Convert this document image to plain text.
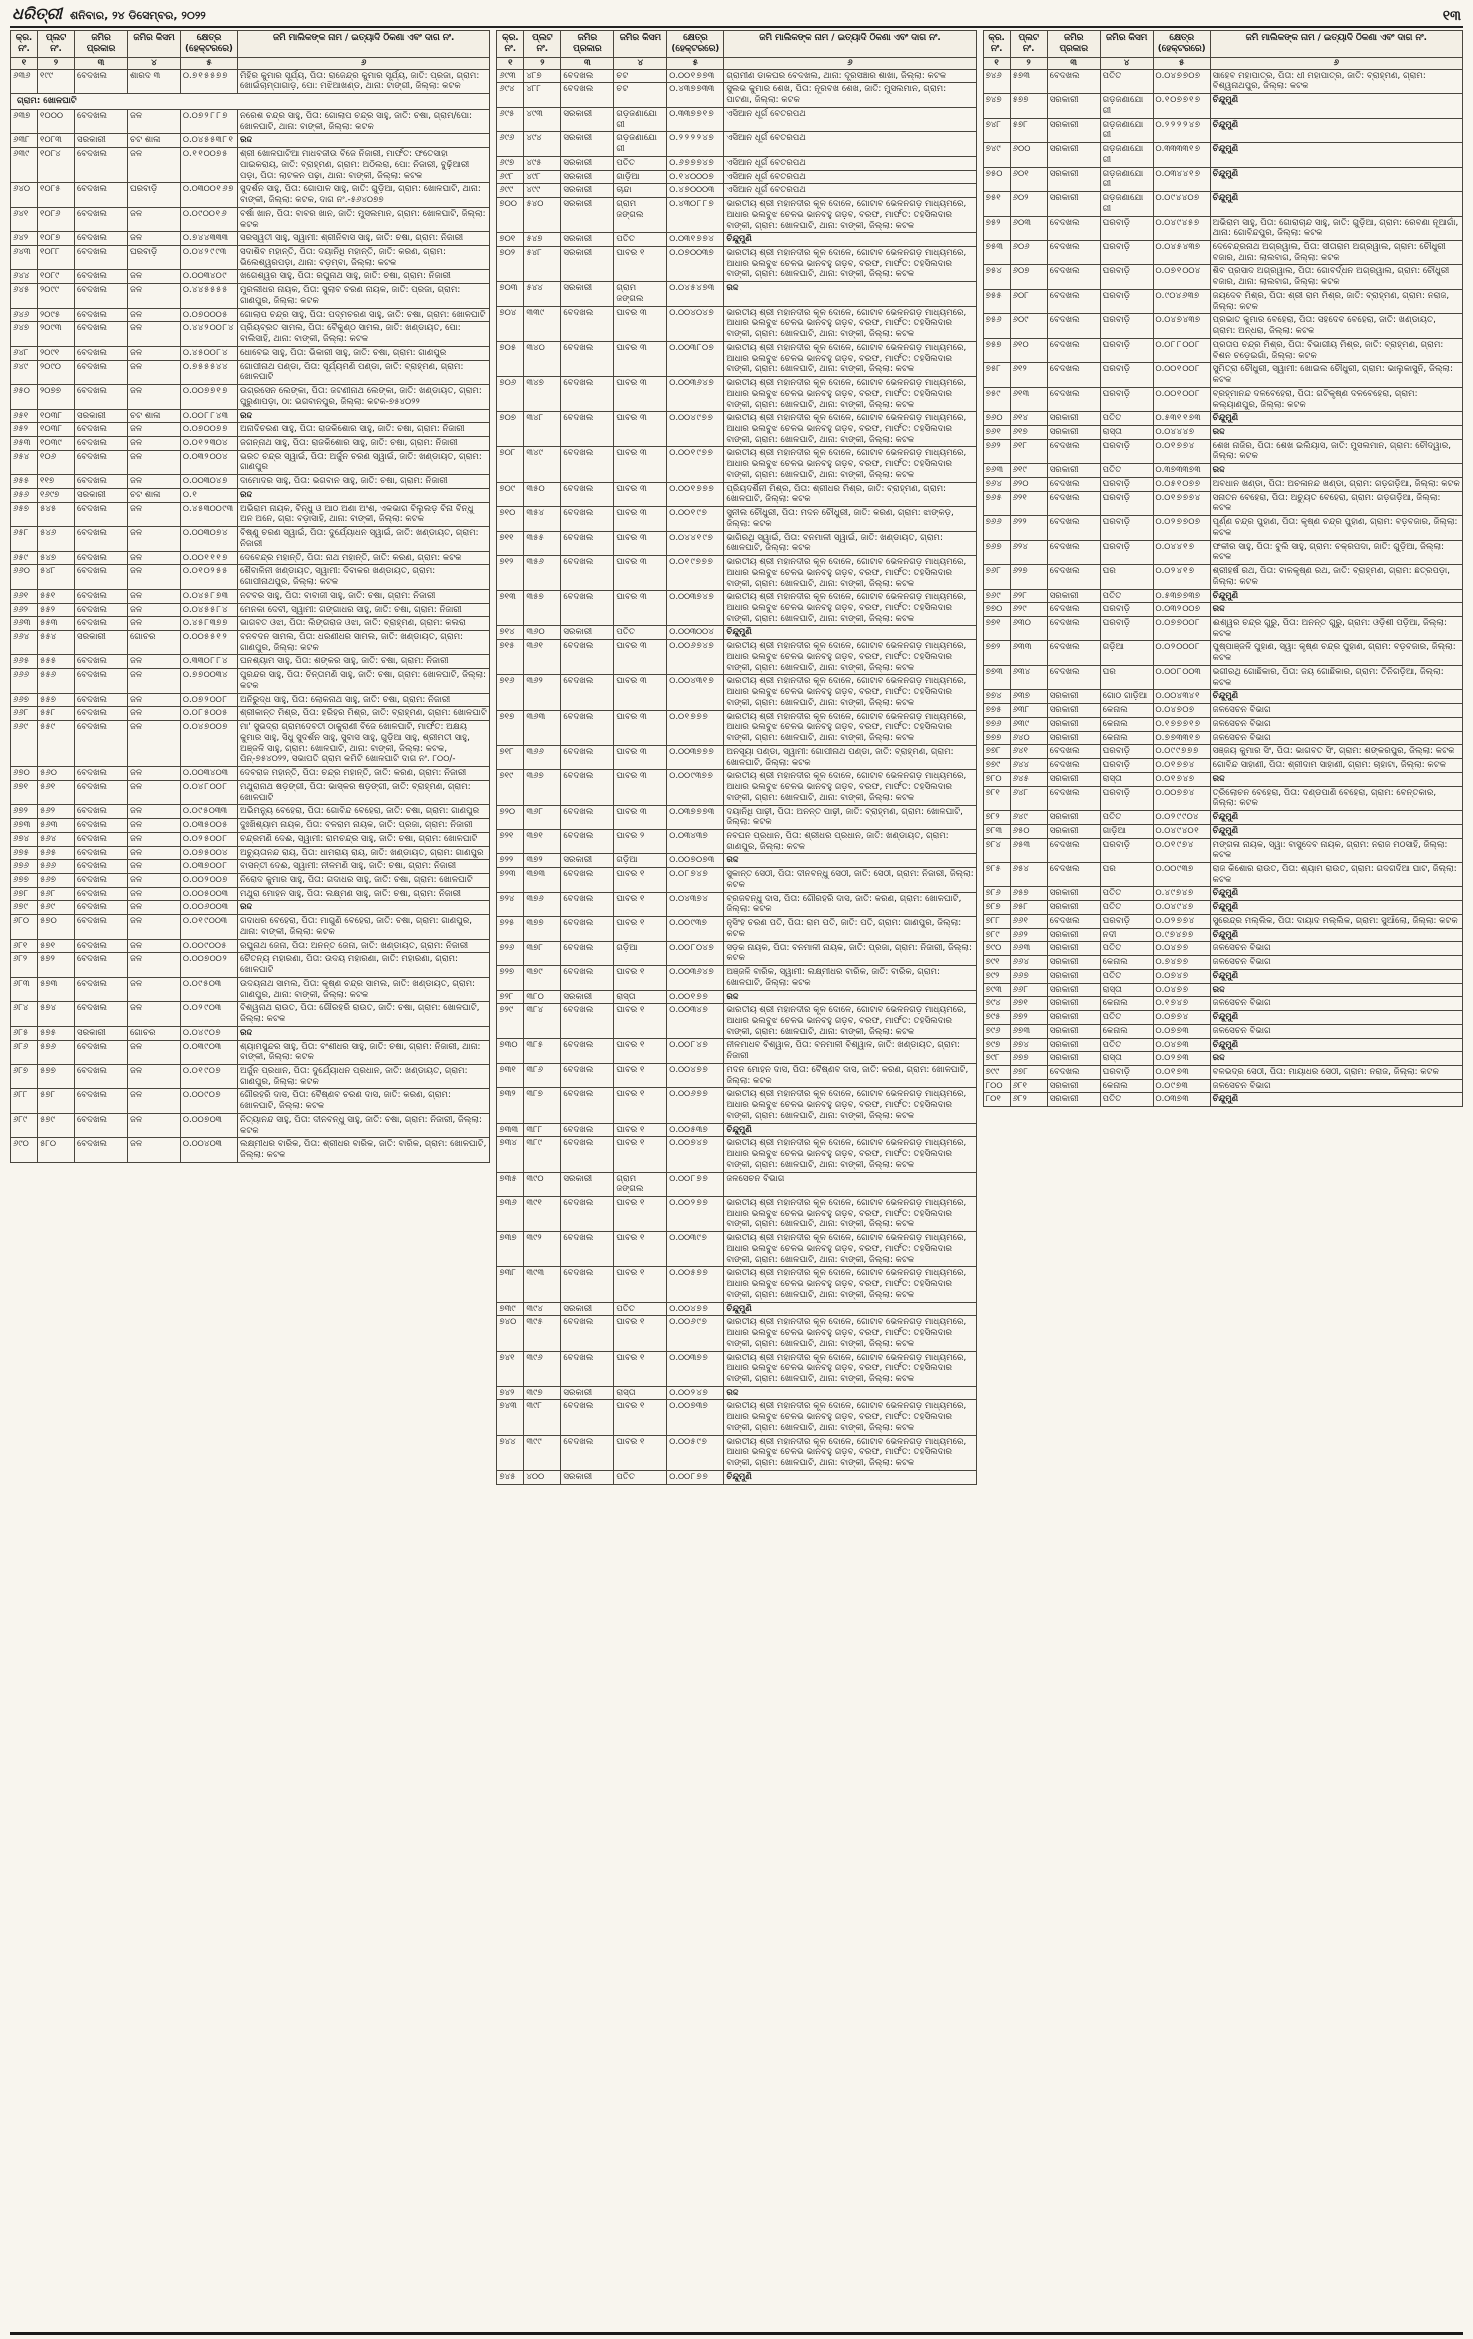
ଧରିତ୍ରୀ ଶନିବାର, ୨୪ ଡିସେମ୍ବର, ୨୦୨୨	୧୩
କ୍ର. ନଂ.	ପ୍ଲଟ ନଂ.	ଜମିର ପ୍ରକାର	ଜମିର କିସମ	କ୍ଷେତ୍ର (ହେକ୍ଟରରେ)	ଜମି ମାଲିକଙ୍କ ନାମ / ଇତ୍ୟାଦି ଠିକଣା ଏବଂ ଦାଗ ନଂ.
୧	୨	୩	୪	୫	୬
୬୩୬	୧୯୯	ବେଦଖଲ	ଶାରଦ ୩	୦.୭୧୫୫୭୭	ମିହିର କୁମାର ସୂର୍ଯ୍ୟ, ପିତା: ରାଜେନ୍ଦ୍ର କୁମାର ସୂର୍ଯ୍ୟ, ଜାତି: ପ୍ରଜା, ଗ୍ରାମ: ଖୋଇଁଚାମ୍ପାଗାଡ଼, ପୋ: ମଝିଆଖଣ୍ଡ, ଥାନା: ଟାଙ୍ଗୀ, ଜିଲ୍ଲା: କଟକ
ଗ୍ରାମ: ଖୋଳଘାଟି					
୬୩୭	୧୦୦୦	ବେଦଖଲ	ଜଳ	୦.୦୭୨୮୮୭	ନରେଶ ଚନ୍ଦ୍ର ସାହୁ, ପିତା: ଗୋଲାପ ଚନ୍ଦ୍ର ସାହୁ, ଜାତି: ଚଷା, ଗ୍ରାମ/ପୋ: ଖୋଳଘାଟି, ଥାନା: ବାଙ୍କୀ, ଜିଲ୍ଲା: କଟକ
୬୩୮	୧୦୮୩	ସରକାରୀ	ଚଟ ଶାଳା	୦.୦୪୫୫୩୮୧	ରଦ୍ଦ
୬୩୯	୧୦୮୪	ବେଦଖଲ	ଜଳ	୦.୧୧୦୦୭୫	ଶ୍ରୀ ଖୋଳଘାଟିଆ ମାଧବଜୀଉ ବିଜେ ନିଜାରୀ, ମାର୍ଫତ: ଫତେସାହା ପାଇକରାୟ, ଜାତି: ବ୍ରାହ୍ମଣ, ଗ୍ରାମ: ଅଠିଲରା, ପୋ: ନିଜାରୀ, ବୁଢ଼ିଆରୀ ପଡ଼ା, ପିତା: ଲାଟକନ ପଢ଼ା, ଥାନା: ବାଙ୍କୀ, ଜିଲ୍ଲା: କଟକ
୬୪୦	୧୦୮୫	ବେଦଖଲ	ଘରବାଡ଼ି	୦.୦୩୦୦୧୬୭	ସୁଦର୍ଶନ ସାହୁ, ପିତା: ଗୋପାଳ ସାହୁ, ଜାତି: ଗୁଡ଼ିଆ, ଗ୍ରାମ: ଖୋଳଘାଟି, ଥାନା: ବାଙ୍କୀ, ଜିଲ୍ଲା: କଟକ, ଦାଗ ନଂ.-୫୬୪୦୭୭
୬୪୧	୧୦୮୬	ବେଦଖଲ	ଜଳ	୦.୦୯୦୦୧୬	ବର୍ଷା ଖାନ, ପିତା: ବାବର ଖାନ, ଜାତି: ମୁସଲମାନ, ଗ୍ରାମ: ଖୋଳଘାଟି, ଜିଲ୍ଲା: କଟକ
୬୪୨	୧୦୮୭	ବେଦଖଲ	ଜଳ	୦.୭୪୪୩୩୩	ସରସ୍ୱତୀ ସାହୁ, ସ୍ୱାମୀ: ଶ୍ରୀନିବାସ ସାହୁ, ଜାତି: ଚଷା, ଗ୍ରାମ: ନିଜାରୀ
୬୪୩	୧୦୮୮	ବେଦଖଲ	ଘରବାଡ଼ି	୦.୦୪୨୯୯୩	ସଦାଶିବ ମହାନ୍ତି, ପିତା: ଦୟାନିଧି ମହାନ୍ତି, ଜାତି: କରଣ, ଗ୍ରାମ: ଭିଲେଶ୍ୱରପଡ଼ା, ଥାନା: ବଡ଼ମ୍ବା, ଜିଲ୍ଲା: କଟକ
୬୪୪	୧୦୮୯	ବେଦଖଲ	ଜଳ	୦.୦୦୩୪୦୯	ଖଗେଶ୍ୱର ସାହୁ, ପିତା: ରଘୁନାଥ ସାହୁ, ଜାତି: ଚଷା, ଗ୍ରାମ: ନିଜାରୀ
୬୪୫	୨୦୯୯	ବେଦଖଲ	ଜଳ	୦.୪୪୫୫୫୫	ମୁରଲୀଧର ନାୟକ, ପିତା: ସୁଲାବ ଚରଣ ନାୟକ, ଜାତି: ପ୍ରଜା, ଗ୍ରାମ: ଗାଣପୁର, ଜିଲ୍ଲା: କଟକ
୬୪୬	୨୦୯୫	ବେଦଖଲ	ଜଳ	୦.୦୭୦୦୦୫	ଗୋଲାପ ଚନ୍ଦ୍ର ସାହୁ, ପିତା: ପଦ୍ମଚରଣ ସାହୁ, ଜାତି: ଚଷା, ଗ୍ରାମ: ଖୋଳଘାଟି
୬୪୭	୨୦୯୩	ବେଦଖଲ	ଜଳ	୦.୪୪୨୦୦୮୪	ପ୍ରିୟବ୍ରତ ସାମଲ, ପିତା: ବୈକୁଣ୍ଠ ସାମଲ, ଜାତି: ଖଣ୍ଡାୟତ, ପୋ: ବାଲିସାହି, ଥାନା: ବାଙ୍କୀ, ଜିଲ୍ଲା: କଟକ
୬୪୮	୨୦୯୧	ବେଦଖଲ	ଜଳ	୦.୪୫୦୦୮୪	ଧୋବେଇ ସାହୁ, ପିତା: ଭିକାରୀ ସାହୁ, ଜାତି: ଚଷା, ଗ୍ରାମ: ଗାଣପୁର
୬୪୯	୨୦୯୦	ବେଦଖଲ	ଜଳ	୦.୭୫୫୫୪୪	ଗୋପୀନାଥ ପଣ୍ଡା, ପିତା: ସୂର୍ଯ୍ୟମଣି ପଣ୍ଡା, ଜାତି: ବ୍ରାହ୍ମଣ, ଗ୍ରାମ: ଖୋଳଘାଟି
୬୫୦	୨୦୭୭	ବେଦଖଲ	ଜଳ	୦.୦୦୭୭୧୭	ଉଗ୍ରସେନ ଲେଙ୍କା, ପିତା: ଜଟଣୀନାଥ ଲେଙ୍କା, ଜାତି: ଖଣ୍ଡାୟତ, ଗ୍ରାମ: ପୁରୁଣାପଡ଼ା, ଠା: ଭଗବାନପୁର, ଜିଲ୍ଲା: କଟକ-୭୫୪୦୨୨
୬୫୧	୧୦୩୮	ସରକାରୀ	ଚଟ ଶାଳା	୦.୦୦୮୮୪୩	ରଦ୍ଦ
୬୫୨	୧୦୩୮	ବେଦଖଲ	ଜଳ	୦.୦୭୦୦୭୭	ଅନାଦିଚରଣ ସାହୁ, ପିତା: ରାଜକିଶୋର ସାହୁ, ଜାତି: ଚଷା, ଗ୍ରାମ: ନିଜାରୀ
୬୫୩	୧୦୩୯	ବେଦଖଲ	ଜଳ	୦.୦୧୨୩୦୪	ଜଗନ୍ନାଥ ସାହୁ, ପିତା: ରାଜକିଶୋର ସାହୁ, ଜାତି: ଚଷା, ଗ୍ରାମ: ନିଜାରୀ
୬୫୪	୧୦୬	ବେଦଖଲ	ଜଳ	୦.୦୩୨୦୦୪	ଭରତ ଚନ୍ଦ୍ର ସ୍ୱାଇଁ, ପିତା: ଅର୍ଜୁନ ଚରଣ ସ୍ୱାଇଁ, ଜାତି: ଖଣ୍ଡାୟତ, ଗ୍ରାମ: ଗାଣପୁର
୬୫୫	୧୧୭	ବେଦଖଲ	ଜଳ	୦.୦୦୩୦୪୭	ଦାମୋଦର ସାହୁ, ପିତା: ଭଗବାନ ସାହୁ, ଜାତି: ଚଷା, ଗ୍ରାମ: ନିଜାରୀ
୬୫୬	୧୬୯୭	ସରକାରୀ	ଚଟ ଶାଳା	୦.୧	ରଦ୍ଦ
୬୫୭	୫୪୫	ବେଦଖଲ	ଜଳ	୦.୪୫୩୦୦୯୩	ଅଭିରାମ ନାୟକ, ବିନ୍ଧୁ ଓ ଆଠ ଅଣା ଅଂଶ, ଏକଭାଗ ବିଲୁଲଡ଼ ବିନା ବିନ୍ଧୁ ଅନ ଅନେ, ଗ୍ରା: ବଡ଼ାସାହି, ଥାନା: ବାଙ୍କୀ, ଜିଲ୍ଲା: କଟକ
୬୫୮	୫୪୬	ବେଦଖଲ	ଜଳ	୦.୦୦୩୦୭୪	ବିଷ୍ଣୁ ଚରଣ ସ୍ୱାଇଁ, ପିତା: ଦୁର୍ଯ୍ୟୋଧନ ସ୍ୱାଇଁ, ଜାତି: ଖଣ୍ଡାୟତ, ଗ୍ରାମ: ନିଜାରୀ
୬୫୯	୫୪୭	ବେଦଖଲ	ଜଳ	୦.୦୦୧୧୧୭	ଦେବେନ୍ଦ୍ର ମହାନ୍ତି, ପିତା: ନାଥ ମହାନ୍ତି, ଜାତି: କରଣ, ଗ୍ରାମ: କଟକ
୬୬୦	୫୪୮	ବେଦଖଲ	ଜଳ	୦.୦୧୦୨୫୫	ଶୈବାଳିନୀ ଖଣ୍ଡାୟତ, ସ୍ୱାମୀ: ଦିବାକର ଖଣ୍ଡାୟତ, ଗ୍ରାମ: ଗୋପୀନାଥପୁର, ଜିଲ୍ଲା: କଟକ
୬୬୧	୫୫୧	ବେଦଖଲ	ଜଳ	୦.୦୪୫୮୭୩	ନଟବର ସାହୁ, ପିତା: ବାବାଜୀ ସାହୁ, ଜାତି: ଚଷା, ଗ୍ରାମ: ନିଜାରୀ
୬୬୨	୫୫୨	ବେଦଖଲ	ଜଳ	୦.୦୪୫୫୮୪	ମେନକା ଦେବୀ, ସ୍ୱାମୀ: ଗଙ୍ଗାଧର ସାହୁ, ଜାତି: ଚଷା, ଗ୍ରାମ: ନିଜାରୀ
୬୬୩	୫୫୩	ବେଦଖଲ	ଜଳ	୦.୪୫୮୩୭୭	ଭାଗବତ ଓଝା, ପିତା: ଲିଙ୍ଗରାଜ ଓଝା, ଜାତି: ବ୍ରାହ୍ମଣ, ଗ୍ରାମ: କଲରା
୬୬୪	୫୫୪	ସରକାରୀ	ଗୋଚର	୦.୦୦୫୫୧୨	ବନବଦନ ସାମଲ, ପିତା: ଧରଣୀଧର ସାମଲ, ଜାତି: ଖଣ୍ଡାୟତ, ଗ୍ରାମ: ଗାଣପୁର, ଜିଲ୍ଲା: କଟକ
୬୬୫	୫୫୫	ବେଦଖଲ	ଜଳ	୦.୩୩୦୮୮୪	ଘନଶ୍ୟାମ ସାହୁ, ପିତା: ଶଙ୍କର ସାହୁ, ଜାତି: ଚଷା, ଗ୍ରାମ: ନିଜାରୀ
୬୬୬	୫୫୬	ବେଦଖଲ	ଜଳ	୦.୭୭୦୦୩୪	ପୁରନ୍ଦର ସାହୁ, ପିତା: ଚିନ୍ତାମଣି ସାହୁ, ଜାତି: ଚଷା, ଗ୍ରାମ: ଖୋଳଘାଟି, ଜିଲ୍ଲା: କଟକ
୬୬୭	୫୫୭	ବେଦଖଲ	ଜଳ	୦.୦୭୨୦୦୮	ଅନିରୁଦ୍ଧ ସାହୁ, ପିତା: ଲୋକନାଥ ସାହୁ, ଜାତି: ଚଷା, ଗ୍ରାମ: ନିଜାରୀ
୬୬୮	୫୫୮	ବେଦଖଲ	ଜଳ	୦.୦୮୫୦୦୫	ଶ୍ରୀକାନ୍ତ ମିଶ୍ର, ପିତା: ହରିହର ମିଶ୍ର, ଜାତି: ବ୍ରାହ୍ମଣ, ଗ୍ରାମ: ଖୋଳଘାଟି
୬୬୯	୫୫୯	ବେଦଖଲ	ଜଳ	୦.୦୪୭୦୦୭	ମା' ସୁଭଦ୍ରା ଗ୍ରାମଦେବତୀ ଠାକୁରାଣୀ ବିଜେ ଖୋଳଘାଟି, ମାର୍ଫତ: ଅକ୍ଷୟ କୁମାର ସାହୁ, ସିଧୁ ସୁଦର୍ଶନ ସାହୁ, ସୁବାସ ସାହୁ, ଗୁଡ଼ିଆ ସାହୁ, ଶ୍ରୀମତୀ ସାହୁ, ଅଞ୍ଜଳି ସାହୁ, ଗ୍ରାମ: ଖୋଳଘାଟି, ଥାନା: ବାଙ୍କୀ, ଜିଲ୍ଲା: କଟକ, ପିନ୍-୭୫୪୦୨୨, ସଭାପତି ଗ୍ରାମ କମିଟି ଖୋଳଘାଟି ଦାଗ ନଂ. ୮୦୦/-
୬୭୦	୫୬୦	ବେଦଖଲ	ଜଳ	୦.୦୦୩୪୦୩	ଦେବରାଜ ମହାନ୍ତି, ପିତା: ଚନ୍ଦ୍ର ମହାନ୍ତି, ଜାତି: କରଣ, ଗ୍ରାମ: ନିଜାରୀ
୬୭୧	୫୬୧	ବେଦଖଲ	ଜଳ	୦.୦୪୮୦୦୮	ମଥୁରାନାଥ ଷଡ଼ଙ୍ଗୀ, ପିତା: ଭାସ୍କର ଷଡ଼ଙ୍ଗୀ, ଜାତି: ବ୍ରାହ୍ମଣ, ଗ୍ରାମ: ଖୋଳଘାଟି
୬୭୨	୫୬୨	ବେଦଖଲ	ଜଳ	୦.୦୯୫୦୩୩	ଅଭିମନ୍ୟୁ ବେହେରା, ପିତା: ଗୋବିନ୍ଦ ବେହେରା, ଜାତି: ଚଷା, ଗ୍ରାମ: ଗାଣପୁର
୬୭୩	୫୬୩	ବେଦଖଲ	ଜଳ	୦.୦୩୫୦୦୫	ଦୁଃଖିଶ୍ୟାମ ନାୟକ, ପିତା: ବଳରାମ ନାୟକ, ଜାତି: ପ୍ରଜା, ଗ୍ରାମ: ନିଜାରୀ
୬୭୪	୫୬୪	ବେଦଖଲ	ଜଳ	୦.୦୨୫୦୦୮	ଚନ୍ଦ୍ରମଣି ଦେଈ, ସ୍ୱାମୀ: ରାମଚନ୍ଦ୍ର ସାହୁ, ଜାତି: ଚଷା, ଗ୍ରାମ: ଖୋଳଘାଟି
୬୭୫	୫୬୫	ବେଦଖଲ	ଜଳ	୦.୦୭୫୦୦୪	ଅଚ୍ୟୁତାନନ୍ଦ ରାୟ, ପିତା: ଧାମରାୟ ରାୟ, ଜାତି: ଖଣ୍ଡାୟତ, ଗ୍ରାମ: ଗାଣପୁର
୬୭୬	୫୬୬	ବେଦଖଲ	ଜଳ	୦.୦୩୭୦୦୮	ବାସନ୍ତୀ ଦେଈ, ସ୍ୱାମୀ: ନୀଳମଣି ସାହୁ, ଜାତି: ଚଷା, ଗ୍ରାମ: ନିଜାରୀ
୬୭୭	୫୬୭	ବେଦଖଲ	ଜଳ	୦.୦୦୨୦୦୭	ନିରୋଦ କୁମାର ସାହୁ, ପିତା: ଗଦାଧର ସାହୁ, ଜାତି: ଚଷା, ଗ୍ରାମ: ଖୋଳଘାଟି
୬୭୮	୫୬୮	ବେଦଖଲ	ଜଳ	୦.୦୦୫୦୦୩	ମଥୁରା ମୋହନ ସାହୁ, ପିତା: ଲକ୍ଷ୍ମଣ ସାହୁ, ଜାତି: ଚଷା, ଗ୍ରାମ: ନିଜାରୀ
୬୭୯	୫୬୯	ବେଦଖଲ	ଜଳ	୦.୦୦୬୦୦୩	ରଦ୍ଦ
୬୮୦	୫୭୦	ବେଦଖଲ	ଜଳ	୦.୦୧୯୦୦୩	ଗଦାଧର ବେହେରା, ପିତା: ମାଗୁଣି ବେହେରା, ଜାତି: ଚଷା, ଗ୍ରାମ: ଗାଣପୁର, ଥାନା: ବାଙ୍କୀ, ଜିଲ୍ଲା: କଟକ
୬୮୧	୫୭୧	ବେଦଖଲ	ଜଳ	୦.୦୦୯୦୦୫	ରଘୁନାଥ ଜେନା, ପିତା: ଅନନ୍ତ ଜେନା, ଜାତି: ଖଣ୍ଡାୟତ, ଗ୍ରାମ: ନିଜାରୀ
୬୮୨	୫୭୨	ବେଦଖଲ	ଜଳ	୦.୦୦୭୦୦୨	ଚୈତନ୍ୟ ମହାରଣା, ପିତା: ଉଦୟ ମହାରଣା, ଜାତି: ମହାରଣା, ଗ୍ରାମ: ଖୋଳଘାଟି
୬୮୩	୫୭୩	ବେଦଖଲ	ଜଳ	୦.୦୯୫୦୩	ଉଦୟନାଥ ସାମଲ, ପିତା: କୃଷ୍ଣ ଚନ୍ଦ୍ର ସାମଲ, ଜାତି: ଖଣ୍ଡାୟତ, ଗ୍ରାମ: ଗାଣପୁର, ଥାନା: ବାଙ୍କୀ, ଜିଲ୍ଲା: କଟକ
୬୮୪	୫୭୪	ବେଦଖଲ	ଜଳ	୦.୦୨୯୦୩	ବିଶ୍ୱନାଥ ରାଉତ, ପିତା: ଗୌରହରି ରାଉତ, ଜାତି: ଚଷା, ଗ୍ରାମ: ଖୋଳଘାଟି, ଜିଲ୍ଲା: କଟକ
୬୮୫	୫୭୫	ସରକାରୀ	ଗୋଚର	୦.୦୪୯୦୭	ରଦ୍ଦ
୬୮୬	୫୭୬	ବେଦଖଲ	ଜଳ	୦.୦୩୯୦୩	ଶ୍ୟାମସୁନ୍ଦର ସାହୁ, ପିତା: ବଂଶୀଧର ସାହୁ, ଜାତି: ଚଷା, ଗ୍ରାମ: ନିଜାରୀ, ଥାନା: ବାଙ୍କୀ, ଜିଲ୍ଲା: କଟକ
୬୮୭	୫୭୭	ବେଦଖଲ	ଜଳ	୦.୦୧୯୦୭	ଅର୍ଜୁନ ପ୍ରଧାନ, ପିତା: ଦୁର୍ଯ୍ୟୋଧନ ପ୍ରଧାନ, ଜାତି: ଖଣ୍ଡାୟତ, ଗ୍ରାମ: ଗାଣପୁର, ଜିଲ୍ଲା: କଟକ
୬୮୮	୫୭୮	ବେଦଖଲ	ଜଳ	୦.୦୦୯୦୭	ଗୌରହରି ଦାସ, ପିତା: ବୈଷ୍ଣବ ଚରଣ ଦାସ, ଜାତି: କରଣ, ଗ୍ରାମ: ଖୋଳଘାଟି, ଜିଲ୍ଲା: କଟକ
୬୮୯	୫୭୯	ବେଦଖଲ	ଜଳ	୦.୦୦୭୦୩	ନିତ୍ୟାନନ୍ଦ ସାହୁ, ପିତା: ଦୀନବନ୍ଧୁ ସାହୁ, ଜାତି: ଚଷା, ଗ୍ରାମ: ନିଜାରୀ, ଜିଲ୍ଲା: କଟକ
୬୯୦	୫୮୦	ବେଦଖଲ	ଜଳ	୦.୦୦୪୦୩	ଲକ୍ଷ୍ମୀଧର ବାରିକ, ପିତା: ଶ୍ରୀଧର ବାରିକ, ଜାତି: ବାରିକ, ଗ୍ରାମ: ଖୋଳଘାଟି, ଜିଲ୍ଲା: କଟକ
କ୍ର. ନଂ.	ପ୍ଲଟ ନଂ.	ଜମିର ପ୍ରକାର	ଜମିର କିସମ	କ୍ଷେତ୍ର (ହେକ୍ଟରରେ)	ଜମି ମାଲିକଙ୍କ ନାମ / ଇତ୍ୟାଦି ଠିକଣା ଏବଂ ଦାଗ ନଂ.
୧	୨	୩	୪	୫	୬
୬୯୩	୪୮୭	ବେଦଖଲ	ଚଟ	୦.୦୦୧୭୭୩	ଗ୍ରାମୀଣ ଡାକଘର ବେଦଖଲ, ଥାନା: ଦୂରସଞ୍ଚାର ଶାଖା, ଜିଲ୍ଲା: କଟକ
୬୯୪	୪୮୮	ବେଦଖଲ	ଚଟ	୦.୪୩୭୭୩୩	ସୁଲଭ କୁମାର ଶେଖ, ପିତା: ନୂରବଖ ଶେଖ, ଜାତି: ମୁସଲମାନ, ଗ୍ରାମ: ପାଟଣା, ଜିଲ୍ଲା: କଟକ
୬୯୫	୪୯୩	ସରକାରୀ	ଗଡ଼ଜଣାଯୋଗୀ	୦.୩୩୭୭୧୭	ଏସିଆନ ଧୂର୍ଗ ବେତରପଥ
୬୯୬	୪୯୪	ସରକାରୀ	ଗଡ଼ଜଣାଯୋଗୀ	୦.୨୨୨୨୪୭	ଏସିଆନ ଧୂର୍ଗ ବେତରପଥ
୬୯୭	୪୯୫	ସରକାରୀ	ପତିତ	୦.୬୭୭୭୪୭	ଏସିଆନ ଧୂର୍ଗ ବେତରପଥ
୬୯୮	୪୯୮	ସରକାରୀ	ଗାଡ଼ିଆ	୦.୧୪୦୦୦୭	ଏସିଆନ ଧୂର୍ଗ ବେତରପଥ
୬୯୯	୪୯୯	ସରକାରୀ	ଚାନ୍ଦା	୦.୪୭୦୦୦୩	ଏସିଆନ ଧୂର୍ଗ ବେତରପଥ
୭୦୦	୫୪୦	ସରକାରୀ	ଗ୍ରାମ ଜଙ୍ଗଲ	୦.୪୩୦୮୮୭	ଭାରତୀୟ ଶ୍ରୀ ମହାନଦୀର କୂଳ ଦୋଳେ, ଗୋଟାବ ଭେଳନଗଡ଼ ମାଧ୍ୟମରେ, ଆଧାର ଭଲବୁଝ ଚେଳଭ ଭାନବହୁ ଗଡ଼ବ, ବରଫ, ମାର୍ଫତ: ତହସିଲଦାର ବାଙ୍କୀ, ଗ୍ରାମ: ଖୋଳଘାଟି, ଥାନା: ବାଙ୍କୀ, ଜିଲ୍ଲା: କଟକ
୭୦୧	୫୪୭	ସରକାରୀ	ପତିତ	୦.୦୩୧୭୭୪	ଚିନ୍ଦୁମୁଣି
୭୦୨	୫୪୮	ସରକାରୀ	ଘାବର ୧	୦.୦୭୦୦୩୭	ଭାରତୀୟ ଶ୍ରୀ ମହାନଦୀର କୂଳ ଦୋଳେ, ଗୋଟାବ ଭେଳନଗଡ଼ ମାଧ୍ୟମରେ, ଆଧାର ଭଲବୁଝ ଚେଳଭ ଭାନବହୁ ଗଡ଼ବ, ବରଫ, ମାର୍ଫତ: ତହସିଲଦାର ବାଙ୍କୀ, ଗ୍ରାମ: ଖୋଳଘାଟି, ଥାନା: ବାଙ୍କୀ, ଜିଲ୍ଲା: କଟକ
୭୦୩	୫୪୪	ସରକାରୀ	ଗ୍ରାମ ଜଙ୍ଗଲ	୦.୦୪୫୪୭୩	ରଦ୍ଦ
୭୦୪	୩୩୯	ବେଦଖଲ	ଘାବର ୩	୦.୦୦୪୦୪୭	ଭାରତୀୟ ଶ୍ରୀ ମହାନଦୀର କୂଳ ଦୋଳେ, ଗୋଟାବ ଭେଳନଗଡ଼ ମାଧ୍ୟମରେ, ଆଧାର ଭଲବୁଝ ଚେଳଭ ଭାନବହୁ ଗଡ଼ବ, ବରଫ, ମାର୍ଫତ: ତହସିଲଦାର ବାଙ୍କୀ, ଗ୍ରାମ: ଖୋଳଘାଟି, ଥାନା: ବାଙ୍କୀ, ଜିଲ୍ଲା: କଟକ
୭୦୫	୩୪୦	ବେଦଖଲ	ଘାବର ୩	୦.୦୦୩୮୦୭	ଭାରତୀୟ ଶ୍ରୀ ମହାନଦୀର କୂଳ ଦୋଳେ, ଗୋଟାବ ଭେଳନଗଡ଼ ମାଧ୍ୟମରେ, ଆଧାର ଭଲବୁଝ ଚେଳଭ ଭାନବହୁ ଗଡ଼ବ, ବରଫ, ମାର୍ଫତ: ତହସିଲଦାର ବାଙ୍କୀ, ଗ୍ରାମ: ଖୋଳଘାଟି, ଥାନା: ବାଙ୍କୀ, ଜିଲ୍ଲା: କଟକ
୭୦୬	୩୪୭	ବେଦଖଲ	ଘାବର ୩	୦.୦୦୩୬୪୭	ଭାରତୀୟ ଶ୍ରୀ ମହାନଦୀର କୂଳ ଦୋଳେ, ଗୋଟାବ ଭେଳନଗଡ଼ ମାଧ୍ୟମରେ, ଆଧାର ଭଲବୁଝ ଚେଳଭ ଭାନବହୁ ଗଡ଼ବ, ବରଫ, ମାର୍ଫତ: ତହସିଲଦାର ବାଙ୍କୀ, ଗ୍ରାମ: ଖୋଳଘାଟି, ଥାନା: ବାଙ୍କୀ, ଜିଲ୍ଲା: କଟକ
୭୦୭	୩୪୮	ବେଦଖଲ	ଘାବର ୩	୦.୦୦୪୯୭୭	ଭାରତୀୟ ଶ୍ରୀ ମହାନଦୀର କୂଳ ଦୋଳେ, ଗୋଟାବ ଭେଳନଗଡ଼ ମାଧ୍ୟମରେ, ଆଧାର ଭଲବୁଝ ଚେଳଭ ଭାନବହୁ ଗଡ଼ବ, ବରଫ, ମାର୍ଫତ: ତହସିଲଦାର ବାଙ୍କୀ, ଗ୍ରାମ: ଖୋଳଘାଟି, ଥାନା: ବାଙ୍କୀ, ଜିଲ୍ଲା: କଟକ
୭୦୮	୩୪୯	ବେଦଖଲ	ଘାବର ୩	୦.୦୦୧୯୭୭	ଭାରତୀୟ ଶ୍ରୀ ମହାନଦୀର କୂଳ ଦୋଳେ, ଗୋଟାବ ଭେଳନଗଡ଼ ମାଧ୍ୟମରେ, ଆଧାର ଭଲବୁଝ ଚେଳଭ ଭାନବହୁ ଗଡ଼ବ, ବରଫ, ମାର୍ଫତ: ତହସିଲଦାର ବାଙ୍କୀ, ଗ୍ରାମ: ଖୋଳଘାଟି, ଥାନା: ବାଙ୍କୀ, ଜିଲ୍ଲା: କଟକ
୭୦୯	୩୫୦	ବେଦଖଲ	ଘାବର ୩	୦.୦୦୧୭୭୭	ପ୍ରିୟଦର୍ଶିନୀ ମିଶ୍ର, ପିତା: ଶ୍ରୀଧର ମିଶ୍ର, ଜାତି: ବ୍ରାହ୍ମଣ, ଗ୍ରାମ: ଖୋଳଘାଟି, ଜିଲ୍ଲା: କଟକ
୭୧୦	୩୫୪	ବେଦଖଲ	ଘାବର ୩	୦.୦୦୧୯୭	ସୁନୀଲ ଚୌଧୁରୀ, ପିତା: ମଦନ ଚୌଧୁରୀ, ଜାତି: କରଣ, ଗ୍ରାମ: ଝାଙ୍କଡ଼, ଜିଲ୍ଲା: କଟକ
୭୧୧	୩୫୫	ବେଦଖଲ	ଘାବର ୩	୦.୦୪୪୧୯୭	ଭାଗିରଥି ସ୍ୱାଇଁ, ପିତା: ବନମାଳୀ ସ୍ୱାଇଁ, ଜାତି: ଖଣ୍ଡାୟତ, ଗ୍ରାମ: ଖୋଳଘାଟି, ଜିଲ୍ଲା: କଟକ
୭୧୨	୩୫୬	ବେଦଖଲ	ଘାବର ୩	୦.୦୧୯୭୭୭	ଭାରତୀୟ ଶ୍ରୀ ମହାନଦୀର କୂଳ ଦୋଳେ, ଗୋଟାବ ଭେଳନଗଡ଼ ମାଧ୍ୟମରେ, ଆଧାର ଭଲବୁଝ ଚେଳଭ ଭାନବହୁ ଗଡ଼ବ, ବରଫ, ମାର୍ଫତ: ତହସିଲଦାର ବାଙ୍କୀ, ଗ୍ରାମ: ଖୋଳଘାଟି, ଥାନା: ବାଙ୍କୀ, ଜିଲ୍ଲା: କଟକ
୭୧୩	୩୫୭	ବେଦଖଲ	ଘାବର ୩	୦.୦୦୩୭୪୭	ଭାରତୀୟ ଶ୍ରୀ ମହାନଦୀର କୂଳ ଦୋଳେ, ଗୋଟାବ ଭେଳନଗଡ଼ ମାଧ୍ୟମରେ, ଆଧାର ଭଲବୁଝ ଚେଳଭ ଭାନବହୁ ଗଡ଼ବ, ବରଫ, ମାର୍ଫତ: ତହସିଲଦାର ବାଙ୍କୀ, ଗ୍ରାମ: ଖୋଳଘାଟି, ଥାନା: ବାଙ୍କୀ, ଜିଲ୍ଲା: କଟକ
୭୧୪	୩୬୦	ସରକାରୀ	ପତିତ	୦.୦୦୩୦୦୪	ଚିନ୍ଦୁମୁଣି
୭୧୫	୩୬୧	ବେଦଖଲ	ଘାବର ୩	୦.୦୦୬୭୪୭	ଭାରତୀୟ ଶ୍ରୀ ମହାନଦୀର କୂଳ ଦୋଳେ, ଗୋଟାବ ଭେଳନଗଡ଼ ମାଧ୍ୟମରେ, ଆଧାର ଭଲବୁଝ ଚେଳଭ ଭାନବହୁ ଗଡ଼ବ, ବରଫ, ମାର୍ଫତ: ତହସିଲଦାର ବାଙ୍କୀ, ଗ୍ରାମ: ଖୋଳଘାଟି, ଥାନା: ବାଙ୍କୀ, ଜିଲ୍ଲା: କଟକ
୭୧୬	୩୬୨	ବେଦଖଲ	ଘାବର ୩	୦.୦୦୪୩୧୭	ଭାରତୀୟ ଶ୍ରୀ ମହାନଦୀର କୂଳ ଦୋଳେ, ଗୋଟାବ ଭେଳନଗଡ଼ ମାଧ୍ୟମରେ, ଆଧାର ଭଲବୁଝ ଚେଳଭ ଭାନବହୁ ଗଡ଼ବ, ବରଫ, ମାର୍ଫତ: ତହସିଲଦାର ବାଙ୍କୀ, ଗ୍ରାମ: ଖୋଳଘାଟି, ଥାନା: ବାଙ୍କୀ, ଜିଲ୍ଲା: କଟକ
୭୧୭	୩୬୩	ବେଦଖଲ	ଘାବର ୩	୦.୦୧୭୭୭	ଭାରତୀୟ ଶ୍ରୀ ମହାନଦୀର କୂଳ ଦୋଳେ, ଗୋଟାବ ଭେଳନଗଡ଼ ମାଧ୍ୟମରେ, ଆଧାର ଭଲବୁଝ ଚେଳଭ ଭାନବହୁ ଗଡ଼ବ, ବରଫ, ମାର୍ଫତ: ତହସିଲଦାର ବାଙ୍କୀ, ଗ୍ରାମ: ଖୋଳଘାଟି, ଥାନା: ବାଙ୍କୀ, ଜିଲ୍ଲା: କଟକ
୭୧୮	୩୬୬	ବେଦଖଲ	ଘାବର ୩	୦.୦୦୩୭୭୭	ଅନସୂୟା ପଣ୍ଡା, ସ୍ୱାମୀ: ଗୋପୀନାଥ ପଣ୍ଡା, ଜାତି: ବ୍ରାହ୍ମଣ, ଗ୍ରାମ: ଖୋଳଘାଟି, ଜିଲ୍ଲା: କଟକ
୭୧୯	୩୬୭	ବେଦଖଲ	ଘାବର ୩	୦.୦୦୯୩୭୭	ଭାରତୀୟ ଶ୍ରୀ ମହାନଦୀର କୂଳ ଦୋଳେ, ଗୋଟାବ ଭେଳନଗଡ଼ ମାଧ୍ୟମରେ, ଆଧାର ଭଲବୁଝ ଚେଳଭ ଭାନବହୁ ଗଡ଼ବ, ବରଫ, ମାର୍ଫତ: ତହସିଲଦାର ବାଙ୍କୀ, ଗ୍ରାମ: ଖୋଳଘାଟି, ଥାନା: ବାଙ୍କୀ, ଜିଲ୍ଲା: କଟକ
୭୨୦	୩୬୮	ବେଦଖଲ	ଘାବର ୩	୦.୦୩୭୭୭୩	ଦୟାନିଧି ପାଢ଼ୀ, ପିତା: ଅନନ୍ତ ପାଢ଼ୀ, ଜାତି: ବ୍ରାହ୍ମଣ, ଗ୍ରାମ: ଖୋଳଘାଟି, ଜିଲ୍ଲା: କଟକ
୭୨୧	୩୭୧	ବେଦଖଲ	ଘାବର ୨	୦.୦୩୪୩୭	ନବଘନ ପ୍ରଧାନ, ପିତା: ଶ୍ରୀଧର ପ୍ରଧାନ, ଜାତି: ଖଣ୍ଡାୟତ, ଗ୍ରାମ: ଗାଣପୁର, ଜିଲ୍ଲା: କଟକ
୭୨୨	୩୭୨	ସରକାରୀ	ଗଡ଼ିଆ	୦.୦୦୭୦୭୩	ରଦ୍ଦ
୭୨୩	୩୭୩	ବେଦଖଲ	ଘାବର ୧	୦.୦୮୭୪୭	ସୁକାନ୍ତ ସେଠୀ, ପିତା: ଦୀନବନ୍ଧୁ ସେଠୀ, ଜାତି: ସେଠୀ, ଗ୍ରାମ: ନିଜାରୀ, ଜିଲ୍ଲା: କଟକ
୭୨୪	୩୭୬	ବେଦଖଲ	ଘାବର ୧	୦.୦୪୩୭୪	ବ୍ରଜବନ୍ଧୁ ଦାସ, ପିତା: ଗୌରହରି ଦାସ, ଜାତି: କରଣ, ଗ୍ରାମ: ଖୋଳଘାଟି, ଜିଲ୍ଲା: କଟକ
୭୨୫	୩୭୭	ବେଦଖଲ	ଘାବର ୧	୦.୦୦୯୩୭	ନୃସିଂହ ଚରଣ ପତି, ପିତା: ରାମ ପତି, ଜାତି: ପତି, ଗ୍ରାମ: ଗାଣପୁର, ଜିଲ୍ଲା: କଟକ
୭୨୬	୩୭୮	ବେଦଖଲ	ଗଡ଼ିଆ	୦.୦୦୮୦୪୭	ସଡ଼କ ନାୟକ, ପିତା: ବନମାଳୀ ନାୟକ, ଜାତି: ପ୍ରଜା, ଗ୍ରାମ: ନିଜାରୀ, ଜିଲ୍ଲା: କଟକ
୭୨୭	୩୭୯	ବେଦଖଲ	ଘାବର ୧	୦.୦୦୩୬୪୭	ଅଞ୍ଜଳି ବାରିକ, ସ୍ୱାମୀ: ଲକ୍ଷ୍ମୀଧର ବାରିକ, ଜାତି: ବାରିକ, ଗ୍ରାମ: ଖୋଳଘାଟି, ଜିଲ୍ଲା: କଟକ
୭୨୮	୩୮୦	ସରକାରୀ	ରାସ୍ତା	୦.୦୦୧୭୭	ରଦ୍ଦ
୭୨୯	୩୮୪	ବେଦଖଲ	ଘାବର ୧	୦.୦୦୩୪୭	ଭାରତୀୟ ଶ୍ରୀ ମହାନଦୀର କୂଳ ଦୋଳେ, ଗୋଟାବ ଭେଳନଗଡ଼ ମାଧ୍ୟମରେ, ଆଧାର ଭଲବୁଝ ଚେଳଭ ଭାନବହୁ ଗଡ଼ବ, ବରଫ, ମାର୍ଫତ: ତହସିଲଦାର ବାଙ୍କୀ, ଗ୍ରାମ: ଖୋଳଘାଟି, ଥାନା: ବାଙ୍କୀ, ଜିଲ୍ଲା: କଟକ
୭୩୦	୩୮୫	ବେଦଖଲ	ଘାବର ୧	୦.୦୦୮୪୭	ନୀଳମାଧବ ବିଶ୍ୱାଳ, ପିତା: ବନମାଳୀ ବିଶ୍ୱାଳ, ଜାତି: ଖଣ୍ଡାୟତ, ଗ୍ରାମ: ନିଜାରୀ
୭୩୧	୩୮୬	ବେଦଖଲ	ଘାବର ୧	୦.୦୦୪୭୭	ମଦନ ମୋହନ ଦାସ, ପିତା: ବୈଷ୍ଣବ ଦାସ, ଜାତି: କରଣ, ଗ୍ରାମ: ଖୋଳଘାଟି, ଜିଲ୍ଲା: କଟକ
୭୩୨	୩୮୭	ବେଦଖଲ	ଘାବର ୧	୦.୦୦୬୭୭	ଭାରତୀୟ ଶ୍ରୀ ମହାନଦୀର କୂଳ ଦୋଳେ, ଗୋଟାବ ଭେଳନଗଡ଼ ମାଧ୍ୟମରେ, ଆଧାର ଭଲବୁଝ ଚେଳଭ ଭାନବହୁ ଗଡ଼ବ, ବରଫ, ମାର୍ଫତ: ତହସିଲଦାର ବାଙ୍କୀ, ଗ୍ରାମ: ଖୋଳଘାଟି, ଥାନା: ବାଙ୍କୀ, ଜିଲ୍ଲା: କଟକ
୭୩୩	୩୮୮	ବେଦଖଲ	ଘାବର ୧	୦.୦୦୫୩୭	ଚିନ୍ଦୁମୁଣି
୭୩୪	୩୮୯	ବେଦଖଲ	ଘାବର ୧	୦.୦୦୭୪୭	ଭାରତୀୟ ଶ୍ରୀ ମହାନଦୀର କୂଳ ଦୋଳେ, ଗୋଟାବ ଭେଳନଗଡ଼ ମାଧ୍ୟମରେ, ଆଧାର ଭଲବୁଝ ଚେଳଭ ଭାନବହୁ ଗଡ଼ବ, ବରଫ, ମାର୍ଫତ: ତହସିଲଦାର ବାଙ୍କୀ, ଗ୍ରାମ: ଖୋଳଘାଟି, ଥାନା: ବାଙ୍କୀ, ଜିଲ୍ଲା: କଟକ
୭୩୫	୩୯୦	ସରକାରୀ	ଗ୍ରାମ ଜଙ୍ଗଲ	୦.୦୦୮୭୭	ଜଳସେଚନ ବିଭାଗ
୭୩୬	୩୯୧	ବେଦଖଲ	ଘାବର ୧	୦.୦୦୨୭୭	ଭାରତୀୟ ଶ୍ରୀ ମହାନଦୀର କୂଳ ଦୋଳେ, ଗୋଟାବ ଭେଳନଗଡ଼ ମାଧ୍ୟମରେ, ଆଧାର ଭଲବୁଝ ଚେଳଭ ଭାନବହୁ ଗଡ଼ବ, ବରଫ, ମାର୍ଫତ: ତହସିଲଦାର ବାଙ୍କୀ, ଗ୍ରାମ: ଖୋଳଘାଟି, ଥାନା: ବାଙ୍କୀ, ଜିଲ୍ଲା: କଟକ
୭୩୭	୩୯୨	ବେଦଖଲ	ଘାବର ୧	୦.୦୦୩୯୭	ଭାରତୀୟ ଶ୍ରୀ ମହାନଦୀର କୂଳ ଦୋଳେ, ଗୋଟାବ ଭେଳନଗଡ଼ ମାଧ୍ୟମରେ, ଆଧାର ଭଲବୁଝ ଚେଳଭ ଭାନବହୁ ଗଡ଼ବ, ବରଫ, ମାର୍ଫତ: ତହସିଲଦାର ବାଙ୍କୀ, ଗ୍ରାମ: ଖୋଳଘାଟି, ଥାନା: ବାଙ୍କୀ, ଜିଲ୍ଲା: କଟକ
୭୩୮	୩୯୩	ବେଦଖଲ	ଘାବର ୧	୦.୦୦୫୭୭	ଭାରତୀୟ ଶ୍ରୀ ମହାନଦୀର କୂଳ ଦୋଳେ, ଗୋଟାବ ଭେଳନଗଡ଼ ମାଧ୍ୟମରେ, ଆଧାର ଭଲବୁଝ ଚେଳଭ ଭାନବହୁ ଗଡ଼ବ, ବରଫ, ମାର୍ଫତ: ତହସିଲଦାର ବାଙ୍କୀ, ଗ୍ରାମ: ଖୋଳଘାଟି, ଥାନା: ବାଙ୍କୀ, ଜିଲ୍ଲା: କଟକ
୭୩୯	୩୯୪	ସରକାରୀ	ପତିତ	୦.୦୦୪୭୭	ଚିନ୍ଦୁମୁଣି
୭୪୦	୩୯୫	ବେଦଖଲ	ଘାବର ୧	୦.୦୦୬୯୭	ଭାରତୀୟ ଶ୍ରୀ ମହାନଦୀର କୂଳ ଦୋଳେ, ଗୋଟାବ ଭେଳନଗଡ଼ ମାଧ୍ୟମରେ, ଆଧାର ଭଲବୁଝ ଚେଳଭ ଭାନବହୁ ଗଡ଼ବ, ବରଫ, ମାର୍ଫତ: ତହସିଲଦାର ବାଙ୍କୀ, ଗ୍ରାମ: ଖୋଳଘାଟି, ଥାନା: ବାଙ୍କୀ, ଜିଲ୍ଲା: କଟକ
୭୪୧	୩୯୬	ବେଦଖଲ	ଘାବର ୧	୦.୦୦୩୭୭	ଭାରତୀୟ ଶ୍ରୀ ମହାନଦୀର କୂଳ ଦୋଳେ, ଗୋଟାବ ଭେଳନଗଡ଼ ମାଧ୍ୟମରେ, ଆଧାର ଭଲବୁଝ ଚେଳଭ ଭାନବହୁ ଗଡ଼ବ, ବରଫ, ମାର୍ଫତ: ତହସିଲଦାର ବାଙ୍କୀ, ଗ୍ରାମ: ଖୋଳଘାଟି, ଥାନା: ବାଙ୍କୀ, ଜିଲ୍ଲା: କଟକ
୭୪୨	୩୯୭	ସରକାରୀ	ରାସ୍ତା	୦.୦୦୨୪୭	ରଦ୍ଦ
୭୪୩	୩୯୮	ବେଦଖଲ	ଘାବର ୧	୦.୦୦୭୩୭	ଭାରତୀୟ ଶ୍ରୀ ମହାନଦୀର କୂଳ ଦୋଳେ, ଗୋଟାବ ଭେଳନଗଡ଼ ମାଧ୍ୟମରେ, ଆଧାର ଭଲବୁଝ ଚେଳଭ ଭାନବହୁ ଗଡ଼ବ, ବରଫ, ମାର୍ଫତ: ତହସିଲଦାର ବାଙ୍କୀ, ଗ୍ରାମ: ଖୋଳଘାଟି, ଥାନା: ବାଙ୍କୀ, ଜିଲ୍ଲା: କଟକ
୭୪୪	୩୯୯	ବେଦଖଲ	ଘାବର ୧	୦.୦୦୫୯୭	ଭାରତୀୟ ଶ୍ରୀ ମହାନଦୀର କୂଳ ଦୋଳେ, ଗୋଟାବ ଭେଳନଗଡ଼ ମାଧ୍ୟମରେ, ଆଧାର ଭଲବୁଝ ଚେଳଭ ଭାନବହୁ ଗଡ଼ବ, ବରଫ, ମାର୍ଫତ: ତହସିଲଦାର ବାଙ୍କୀ, ଗ୍ରାମ: ଖୋଳଘାଟି, ଥାନା: ବାଙ୍କୀ, ଜିଲ୍ଲା: କଟକ
୭୪୫	୪୦୦	ସରକାରୀ	ପତିତ	୦.୦୦୮୭୭	ଚିନ୍ଦୁମୁଣି
କ୍ର. ନଂ.	ପ୍ଲଟ ନଂ.	ଜମିର ପ୍ରକାର	ଜମିର କିସମ	କ୍ଷେତ୍ର (ହେକ୍ଟରରେ)	ଜମି ମାଲିକଙ୍କ ନାମ / ଇତ୍ୟାଦି ଠିକଣା ଏବଂ ଦାଗ ନଂ.
୧	୨	୩	୪	୫	୬
୭୪୬	୫୭୩	ବେଦଖଲ	ପତିତ	୦.୦୪୭୭୦୭	ସାହେବ ମହାପାତ୍ର, ପିତା: ଧୀ ମହାପାତ୍ର, ଜାତି: ବ୍ରାହ୍ମଣ, ଗ୍ରାମ: ବିଶ୍ୱନାଥପୁର, ଜିଲ୍ଲା: କଟକ
୭୪୭	୫୭୭	ସରକାରୀ	ଗଡ଼ଜଣାଯୋଗୀ	୦.୧୦୭୭୧୭	ଚିନ୍ଦୁମୁଣି
୭୪୮	୫୭୮	ସରକାରୀ	ଗଡ଼ଜଣାଯୋଗୀ	୦.୨୨୨୨୪୭	ଚିନ୍ଦୁମୁଣି
୭୪୯	୬୦୦	ସରକାରୀ	ଗଡ଼ଜଣାଯୋଗୀ	୦.୩୩୩୩୧୭	ଚିନ୍ଦୁମୁଣି
୭୫୦	୬୦୧	ସରକାରୀ	ଗଡ଼ଜଣାଯୋଗୀ	୦.୦୩୪୪୧୭	ଚିନ୍ଦୁମୁଣି
୭୫୧	୬୦୨	ସରକାରୀ	ଗଡ଼ଜଣାଯୋଗୀ	୦.୦୯୪୪୦୭	ଚିନ୍ଦୁମୁଣି
୭୫୨	୬୦୩	ବେଦଖଲ	ଘରବାଡ଼ି	୦.୦୪୯୪୫୭	ଅଭିରାମ ସାହୁ, ପିତା: ଗୋରାଚାନ୍ଦ ସାହୁ, ଜାତି: ଗୁଡ଼ିଆ, ଗ୍ରାମ: ରେବଣା ନୂଆଗାଁ, ଥାନା: ଗୋବିନ୍ଦପୁର, ଜିଲ୍ଲା: କଟକ
୭୫୩	୬୦୬	ବେଦଖଲ	ଘରବାଡ଼ି	୦.୦୪୫୪୩୭	ଦେବେନ୍ଦ୍ରନାଥ ଅଗ୍ରୱାଲ, ପିତା: ସୀତାରାମ ଅଗ୍ରୱାଲ, ଗ୍ରାମ: ଚୌଧୁରୀ ବଜାର, ଥାନା: ଲାଲବାଗ, ଜିଲ୍ଲା: କଟକ
୭୫୪	୬୦୭	ବେଦଖଲ	ଘରବାଡ଼ି	୦.୦୭୧୦୦୪	ଶିବ ପ୍ରସାଦ ଅଗ୍ରୱାଲ, ପିତା: ଗୋବର୍ଦ୍ଧନ ଅଗ୍ରୱାଲ, ଗ୍ରାମ: ଚୌଧୁରୀ ବଜାର, ଥାନା: ଲାଲବାଗ, ଜିଲ୍ଲା: କଟକ
୭୫୫	୬୦୮	ବେଦଖଲ	ଘରବାଡ଼ି	୦.୯୦୪୬୩୭	ଜୟଦେବ ମିଶ୍ର, ପିତା: ଶ୍ରୀ ରାମ ମିଶ୍ର, ଜାତି: ବ୍ରାହ୍ମଣ, ଗ୍ରାମ: ନରାଜ, ଜିଲ୍ଲା: କଟକ
୭୫୬	୬୦୯	ବେଦଖଲ	ଘରବାଡ଼ି	୦.୦୪୭୪୩୭	ପ୍ରଭାତ କୁମାର ବେହେରା, ପିତା: ସହଦେବ ବେହେରା, ଜାତି: ଖଣ୍ଡାୟତ, ଗ୍ରାମ: ଅନ୍ଧରା, ଜିଲ୍ଲା: କଟକ
୭୫୭	୬୧୦	ବେଦଖଲ	ଘରବାଡ଼ି	୦.୦୮୮୦୦୮	ପ୍ରତାପ ଚନ୍ଦ୍ର ମିଶ୍ର, ପିତା: ବିଭାଗୀୟ ମିଶ୍ର, ଜାତି: ବ୍ରାହ୍ମଣ, ଗ୍ରାମ: ବିଶନ ଚଡ଼େଇଗାଁ, ଜିଲ୍ଲା: କଟକ
୭୫୮	୬୧୨	ବେଦଖଲ	ଘରବାଡ଼ି	୦.୦୦୧୦୦୮	ସୁମିତ୍ରା ଚୌଧୁରୀ, ସ୍ୱାମୀ: ଖୋଇଲ ଚୌଧୁରୀ, ଗ୍ରାମ: ଭାଲୁକାସୁନି, ଜିଲ୍ଲା: କଟକ
୭୫୯	୬୧୩	ବେଦଖଲ	ଘରବାଡ଼ି	୦.୦୦୧୦୦୮	ବ୍ରହ୍ମାନନ୍ଦ ଦଳବେହେରା, ପିତା: ଗଟିକୃଷ୍ଣ ଦଳବେହେରା, ଗ୍ରାମ: କଲ୍ୟାଣପୁର, ଜିଲ୍ଲା: କଟକ
୭୬୦	୬୧୪	ସରକାରୀ	ପତିତ	୦.୫୩୧୧୭୩	ଚିନ୍ଦୁମୁଣି
୭୬୧	୬୧୭	ସରକାରୀ	ରାସ୍ତା	୦.୦୪୪୪୭	ରଦ୍ଦ
୭୬୨	୬୧୮	ବେଦଖଲ	ଘରବାଡ଼ି	୦.୦୧୭୭୪	ଶେଖ ନାଜିର, ପିତା: ଶେଖ ଇଲିୟାସ, ଜାତି: ମୁସଲମାନ, ଗ୍ରାମ: ଚୌଦ୍ୱାର, ଜିଲ୍ଲା: କଟକ
୭୬୩	୬୧୯	ସରକାରୀ	ପତିତ	୦.୩୭୩୩୭୩	ରଦ୍ଦ
୭୬୪	୬୨୦	ବେଦଖଲ	ଘରବାଡ଼ି	୦.୦୫୧୦୭୭	ଅବଧାନ ଖଣ୍ଡା, ପିତା: ଅଚଳାନନ୍ଦ ଖଣ୍ଡା, ଗ୍ରାମ: ଗଡ଼ଗଡ଼ିଆ, ଜିଲ୍ଲା: କଟକ
୭୬୫	୬୨୧	ବେଦଖଲ	ଘରବାଡ଼ି	୦.୦୧୭୭୭୪	ସନାତନ ବେହେରା, ପିତା: ଅଚ୍ୟୁତ ବେହେରା, ଗ୍ରାମ: ଗଡ଼ଗଡ଼ିଆ, ଜିଲ୍ଲା: କଟକ
୭୬୬	୬୨୨	ବେଦଖଲ	ଘରବାଡ଼ି	୦.୦୨୭୭୦୭	ପୂର୍ଣ୍ଣ ଚନ୍ଦ୍ର ପୁହାଣ, ପିତା: କୃଷ୍ଣ ଚନ୍ଦ୍ର ପୁହାଣ, ଗ୍ରାମ: ବଡ଼ବଜାର, ଜିଲ୍ଲା: କଟକ
୭୬୭	୬୨୪	ବେଦଖଲ	ଘରବାଡ଼ି	୦.୦୪୪୧୭	ଫକୀର ସାହୁ, ପିତା: ବୁଲି ସାହୁ, ଗ୍ରାମ: ଚକ୍ରପଦା, ଜାତି: ଗୁଡ଼ିଆ, ଜିଲ୍ଲା: କଟକ
୭୬୮	୬୨୭	ବେଦଖଲ	ଘର	୦.୦୨୪୧୭	ଶ୍ରୀହର୍ଷ ରଥ, ପିତା: ବାଳକୃଷ୍ଣ ରଥ, ଜାତି: ବ୍ରାହ୍ମଣ, ଗ୍ରାମ: ଛତ୍ରପଡ଼ା, ଜିଲ୍ଲା: କଟକ
୭୬୯	୬୨୮	ସରକାରୀ	ପତିତ	୦.୫୩୭୭୩୭	ଚିନ୍ଦୁମୁଣି
୭୭୦	୬୨୯	ବେଦଖଲ	ଘରବାଡ଼ି	୦.୦୩୨୦୦୭	ରଦ୍ଦ
୭୭୧	୬୩୦	ବେଦଖଲ	ଘରବାଡ଼ି	୦.୦୭୭୦୦୮	ଈଶ୍ୱର ଚନ୍ଦ୍ର ଗୁରୁ, ପିତା: ଅନନ୍ତ ଗୁରୁ, ଗ୍ରାମ: ଓଡ଼ିଶୀ ପଡ଼ିଆ, ଜିଲ୍ଲା: କଟକ
୭୭୨	୬୩୩	ବେଦଖଲ	ଗଡ଼ିଆ	୦.୦୨୦୦୦୮	ପୁଷ୍ପାଞ୍ଜଳି ପୁହାଣ, ସ୍ୱା: କୃଷ୍ଣ ଚନ୍ଦ୍ର ପୁହାଣ, ଗ୍ରାମ: ବଡ଼ବଜାର, ଜିଲ୍ଲା: କଟକ
୭୭୩	୬୩୪	ବେଦଖଲ	ଘର	୦.୦୦୮୦୦୩	ଭଗୀରଥି ଗୋଛିକାର, ପିତା: ଜୟ ଗୋଛିକାର, ଗ୍ରାମ: ତିନିଗଡ଼ିଆ, ଜିଲ୍ଲା: କଟକ
୭୭୪	୬୩୭	ସରକାରୀ	ଗୋଠ ଗାଡ଼ିଆ	୦.୦୦୪୩୪୧	ଚିନ୍ଦୁମୁଣି
୭୭୫	୬୩୮	ସରକାରୀ	କେନାଲ	୦.୦୪୭୦୭	ଜଳସେଚନ ବିଭାଗ
୭୭୬	୬୩୯	ସରକାରୀ	କେନାଲ	୦.୧୭୭୭୧୭	ଜଳସେଚନ ବିଭାଗ
୭୭୭	୬୪୦	ସରକାରୀ	କେନାଲ	୦.୭୭୩୩୧୭	ଜଳସେଚନ ବିଭାଗ
୭୭୮	୬୪୧	ବେଦଖଲ	ଘରବାଡ଼ି	୦.୦୯୯୭୭୭	ସଞ୍ଜୟ କୁମାର ସିଂ, ପିତା: ଭାଗବତ ସିଂ, ଗ୍ରାମ: ଶଙ୍କରପୁର, ଜିଲ୍ଲା: କଟକ
୭୭୯	୬୪୪	ବେଦଖଲ	ଘରବାଡ଼ି	୦.୦୧୭୭୪	ଗୋବିନ୍ଦ ସାହାଣୀ, ପିତା: ଶ୍ରୀଦାମ ସାହାଣୀ, ଗ୍ରାମ: ଚାହାଟା, ଜିଲ୍ଲା: କଟକ
୭୮୦	୬୪୫	ସରକାରୀ	ରାସ୍ତା	୦.୦୧୭୪୭	ରଦ୍ଦ
୭୮୧	୬୪୮	ବେଦଖଲ	ଘରବାଡ଼ି	୦.୦୦୭୭୪	ତ୍ରିଲୋଚନ ବେହେରା, ପିତା: ଦଣ୍ଡପାଣି ବେହେରା, ଗ୍ରାମ: ବେନ୍ତକାର, ଜିଲ୍ଲା: କଟକ
୭୮୨	୬୪୯	ସରକାରୀ	ପତିତ	୦.୦୨୯୯୦୪	ଚିନ୍ଦୁମୁଣି
୭୮୩	୬୫୦	ସରକାରୀ	ଗାଡ଼ିଆ	୦.୦୪୯୪୦୧	ଚିନ୍ଦୁମୁଣି
୭୮୪	୬୫୩	ବେଦଖଲ	ଘରବାଡ଼ି	୦.୦୧୯୭୪	ମଙ୍ଗଳା ନାୟକ, ସ୍ୱା: ବାସୁଦେବ ନାୟକ, ଗ୍ରାମ: ନରାଜ ମଠସାହି, ଜିଲ୍ଲା: କଟକ
୭୮୫	୬୫୪	ବେଦଖଲ	ଘର	୦.୦୦୯୩୭	ରାଜ କିଶୋର ରାଉତ, ପିତା: ଶ୍ୟାମ ରାଉତ, ଗ୍ରାମ: ଗଦଗଦିଆ ଘାଟ, ଜିଲ୍ଲା: କଟକ
୭୮୬	୬୫୭	ସରକାରୀ	ପତିତ	୦.୪୯୭୪୭	ଚିନ୍ଦୁମୁଣି
୭୮୭	୬୫୮	ସରକାରୀ	ପତିତ	୦.୦୪୯୪୭	ଚିନ୍ଦୁମୁଣି
୭୮୮	୬୬୧	ବେଦଖଲ	ଘରବାଡ଼ି	୦.୦୨୭୭୪	ସୁରେନ୍ଦ୍ର ମଲ୍ଲିକ, ପିତା: ଦାୟାଦ ମଲ୍ଲିକ, ଗ୍ରାମ: ସୁଆଁଲୋ, ଜିଲ୍ଲା: କଟକ
୭୮୯	୬୬୨	ସରକାରୀ	ନଦୀ	୦.୯୭୪୭୭	ଚିନ୍ଦୁମୁଣି
୭୯୦	୬୬୩	ସରକାରୀ	ପତିତ	୦.୦୪୭୭	ଜଳସେଚନ ବିଭାଗ
୭୯୧	୬୬୪	ସରକାରୀ	କେନାଲ	୦.୭୪୭୭	ଜଳସେଚନ ବିଭାଗ
୭୯୨	୬୬୭	ସରକାରୀ	ପତିତ	୦.୦୭୪୭	ଚିନ୍ଦୁମୁଣି
୭୯୩	୬୬୮	ସରକାରୀ	ରାସ୍ତା	୦.୦୪୭୭	ରଦ୍ଦ
୭୯୪	୬୭୧	ସରକାରୀ	କେନାଲ	୦.୧୭୪୭	ଜଳସେଚନ ବିଭାଗ
୭୯୫	୬୭୨	ସରକାରୀ	ପତିତ	୦.୦୭୭୪	ଚିନ୍ଦୁମୁଣି
୭୯୬	୬୭୩	ସରକାରୀ	କେନାଲ	୦.୦୭୭୩	ଜଳସେଚନ ବିଭାଗ
୭୯୭	୬୭୪	ସରକାରୀ	ପତିତ	୦.୦୪୭୩	ଚିନ୍ଦୁମୁଣି
୭୯୮	୬୭୭	ସରକାରୀ	ରାସ୍ତା	୦.୦୨୭୩	ରଦ୍ଦ
୭୯୯	୬୭୮	ବେଦଖଲ	ଘରବାଡ଼ି	୦.୦୧୭୩	ବଳଭଦ୍ର ସେଠୀ, ପିତା: ମାୟାଧର ସେଠୀ, ଗ୍ରାମ: ନରାଜ, ଜିଲ୍ଲା: କଟକ
୮୦୦	୬୮୧	ସରକାରୀ	କେନାଲ	୦.୦୯୭୩	ଜଳସେଚନ ବିଭାଗ
୮୦୧	୬୮୨	ସରକାରୀ	ପତିତ	୦.୦୩୭୩	ଚିନ୍ଦୁମୁଣି
